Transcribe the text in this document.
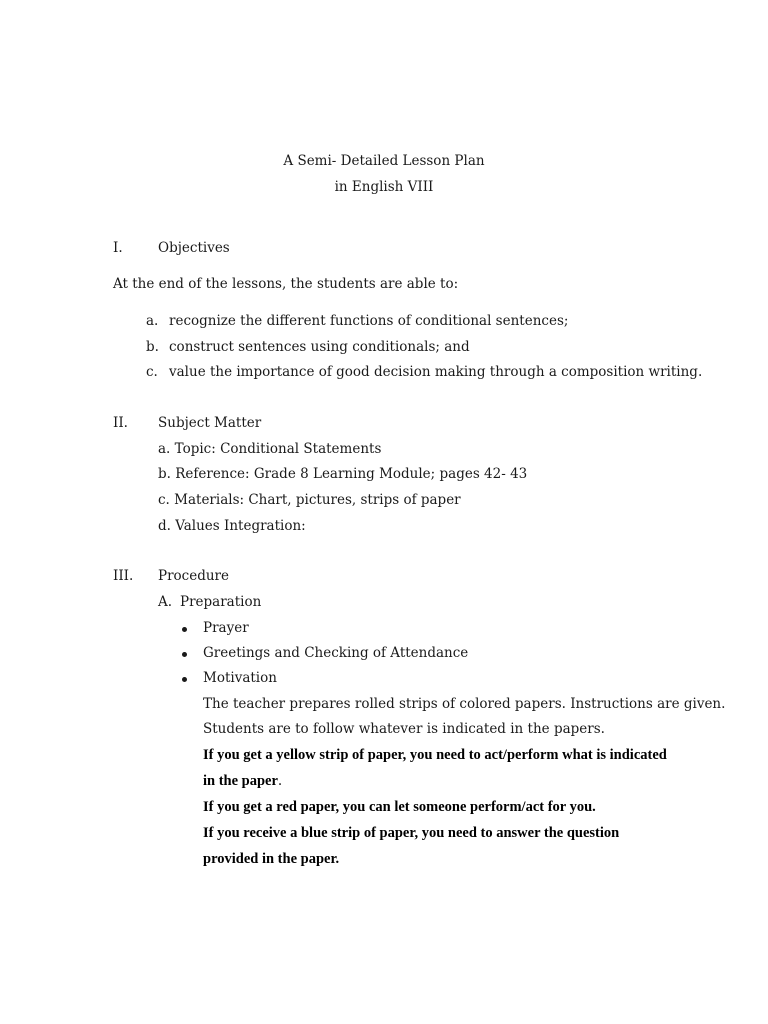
A Semi- Detailed Lesson Plan
in English VIII
I.	Objectives
At the end of the lessons, the students are able to:
a. recognize the different functions of conditional sentences;
b. construct sentences using conditionals; and
c. value the importance of good decision making through a composition writing.
II. Subject Matter
a. Topic: Conditional Statements
b. Reference: Grade 8 Learning Module; pages 42- 43
c. Materials: Chart, pictures, strips of paper
d. Values Integration:
III. Procedure
A. Preparation
Prayer
Greetings and Checking of Attendance
Motivation
The teacher prepares rolled strips of colored papers. Instructions are given.
Students are to follow whatever is indicated in the papers.
If you get a yellow strip of paper, you need to act/perform what is indicated
in the paper.
If you get a red paper, you can let someone perform/act for you.
If you receive a blue strip of paper, you need to answer the question
provided in the paper.
